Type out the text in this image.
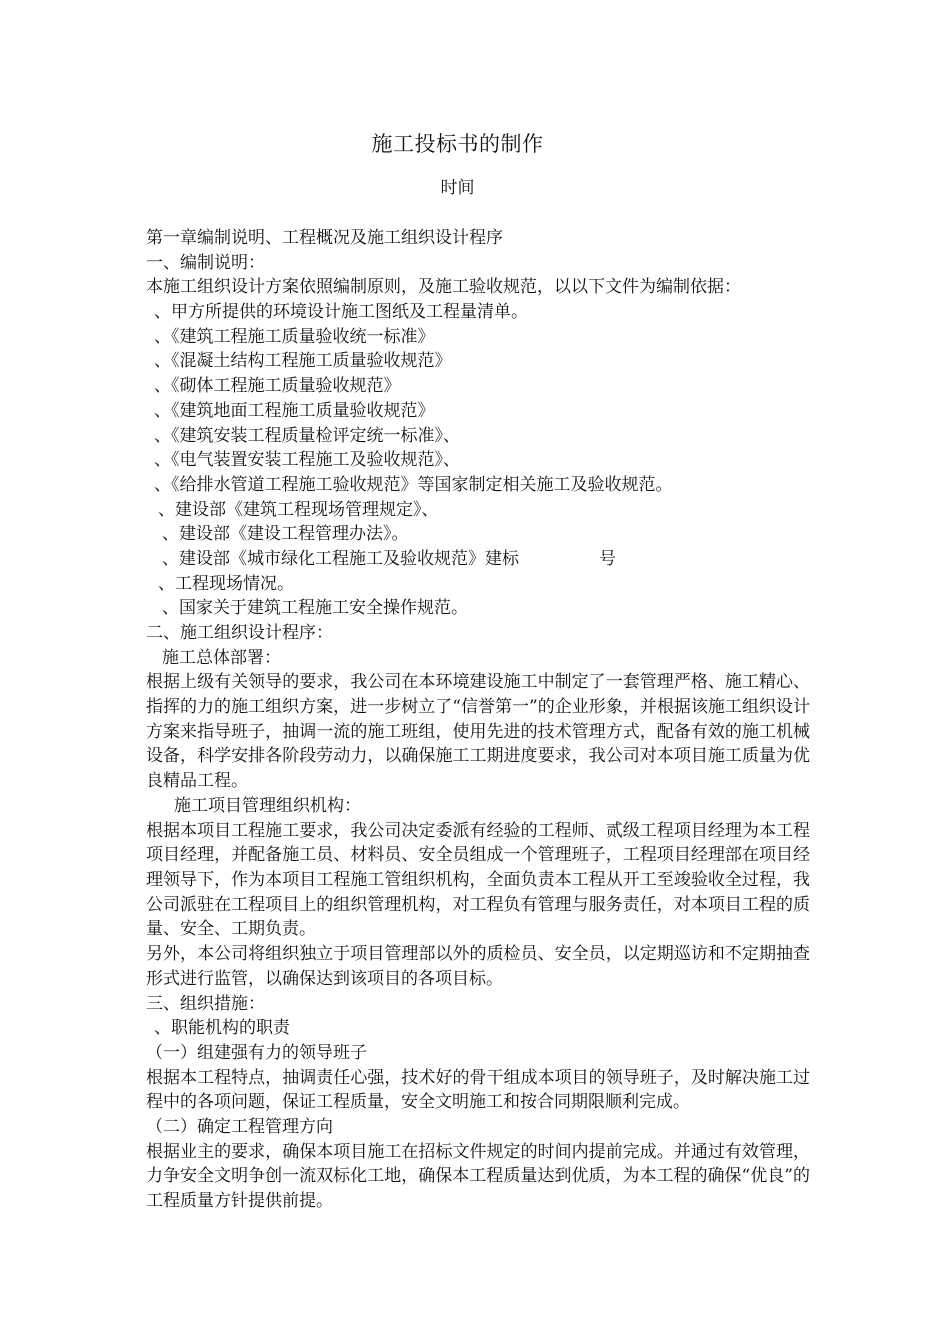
施工投标书的制作
时间
第一章编制说明、工程概况及施工组织设计程序
一、编制说明：
本施工组织设计方案依照编制原则，及施工验收规范，以以下文件为编制依据：
、甲方所提供的环境设计施工图纸及工程量清单。
、《建筑工程施工质量验收统一标准》
、《混凝土结构工程施工质量验收规范》
、《砌体工程施工质量验收规范》
、《建筑地面工程施工质量验收规范》
、《建筑安装工程质量检评定统一标准》、
、《电气装置安装工程施工及验收规范》、
、《给排水管道工程施工验收规范》等国家制定相关施工及验收规范。
、建设部《建筑工程现场管理规定》、
、建设部《建设工程管理办法》。
、建设部《城市绿化工程施工及验收规范》建标	号
、工程现场情况。
、国家关于建筑工程施工安全操作规范。
二、施工组织设计程序：
施工总体部署：
根据上级有关领导的要求，我公司在本环境建设施工中制定了一套管理严格、施工精心、指挥的力的施工组织方案，进一步树立了“信誉第一”的企业形象，并根据该施工组织设计方案来指导班子，抽调一流的施工班组，使用先进的技术管理方式，配备有效的施工机械设备，科学安排各阶段劳动力，以确保施工工期进度要求，我公司对本项目施工质量为优良精品工程。
施工项目管理组织机构：
根据本项目工程施工要求，我公司决定委派有经验的工程师、贰级工程项目经理为本工程项目经理，并配备施工员、材料员、安全员组成一个管理班子，工程项目经理部在项目经理领导下，作为本项目工程施工管组织机构，全面负责本工程从开工至竣验收全过程，我公司派驻在工程项目上的组织管理机构，对工程负有管理与服务责任，对本项目工程的质量、安全、工期负责。
另外，本公司将组织独立于项目管理部以外的质检员、安全员，以定期巡访和不定期抽查形式进行监管，以确保达到该项目的各项目标。
三、组织措施：
、职能机构的职责
（一）组建强有力的领导班子
根据本工程特点，抽调责任心强，技术好的骨干组成本项目的领导班子，及时解决施工过程中的各项问题，保证工程质量，安全文明施工和按合同期限顺利完成。
（二）确定工程管理方向
根据业主的要求，确保本项目施工在招标文件规定的时间内提前完成。并通过有效管理，力争安全文明争创一流双标化工地，确保本工程质量达到优质，为本工程的确保“优良”的工程质量方针提供前提。
